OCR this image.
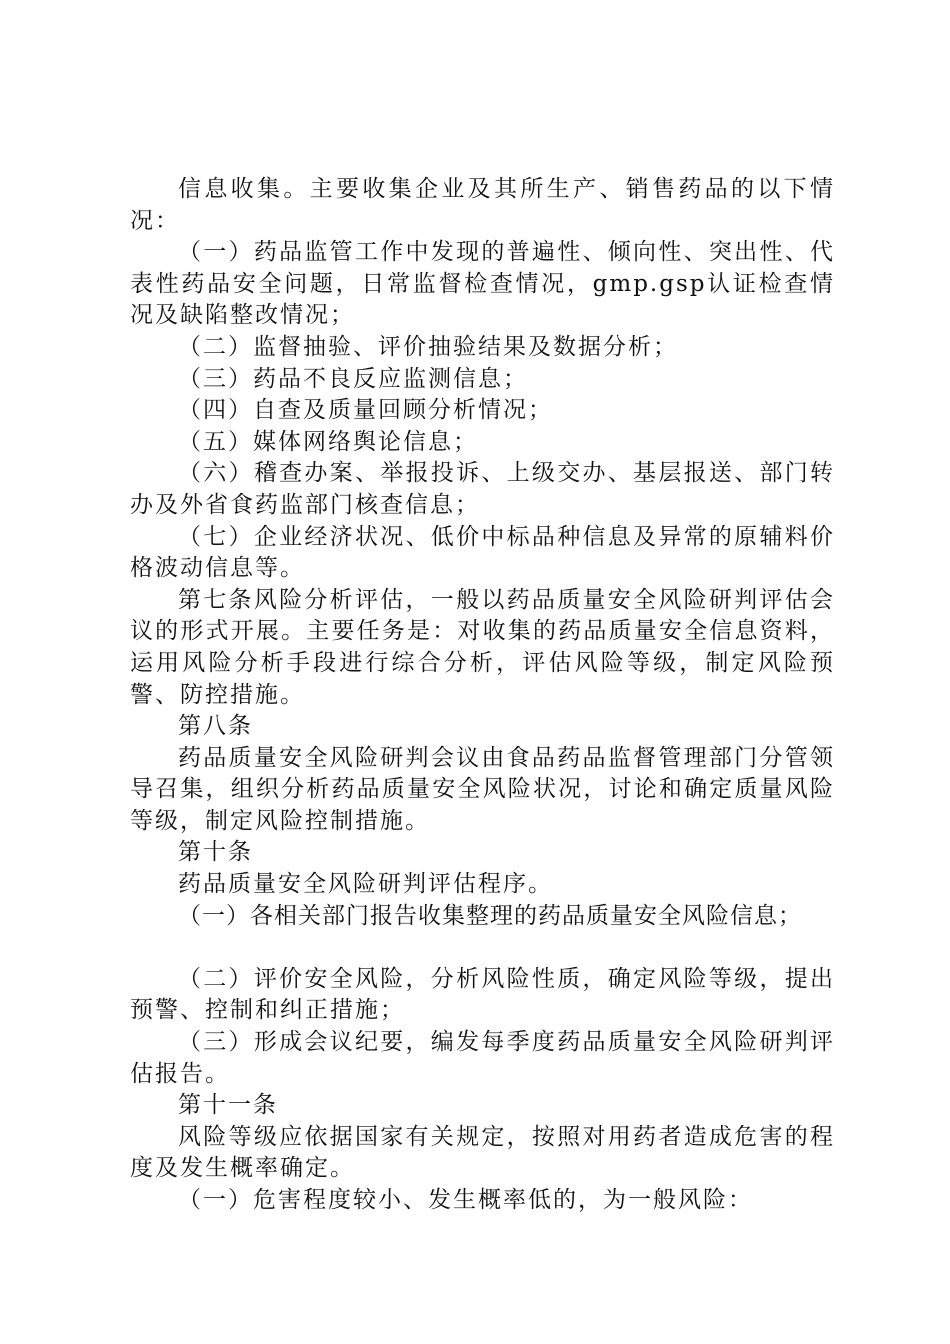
信息收集。主要收集企业及其所生产、销售药品的以下情况：

（一）药品监管工作中发现的普遍性、倾向性、突出性、代表性药品安全问题，日常监督检查情况，gmp.gsp认证检查情况及缺陷整改情况；

（二）监督抽验、评价抽验结果及数据分析；

（三）药品不良反应监测信息；

（四）自查及质量回顾分析情况；

（五）媒体网络舆论信息；

（六）稽查办案、举报投诉、上级交办、基层报送、部门转办及外省食药监部门核查信息；

（七）企业经济状况、低价中标品种信息及异常的原辅料价格波动信息等。

第七条风险分析评估，一般以药品质量安全风险研判评估会议的形式开展。主要任务是：对收集的药品质量安全信息资料，运用风险分析手段进行综合分析，评估风险等级，制定风险预警、防控措施。

第八条

药品质量安全风险研判会议由食品药品监督管理部门分管领导召集，组织分析药品质量安全风险状况，讨论和确定质量风险等级，制定风险控制措施。

第十条

药品质量安全风险研判评估程序。

（一）各相关部门报告收集整理的药品质量安全风险信息；

（二）评价安全风险，分析风险性质，确定风险等级，提出预警、控制和纠正措施；

（三）形成会议纪要，编发每季度药品质量安全风险研判评估报告。

第十一条

风险等级应依据国家有关规定，按照对用药者造成危害的程度及发生概率确定。

（一）危害程度较小、发生概率低的，为一般风险：
